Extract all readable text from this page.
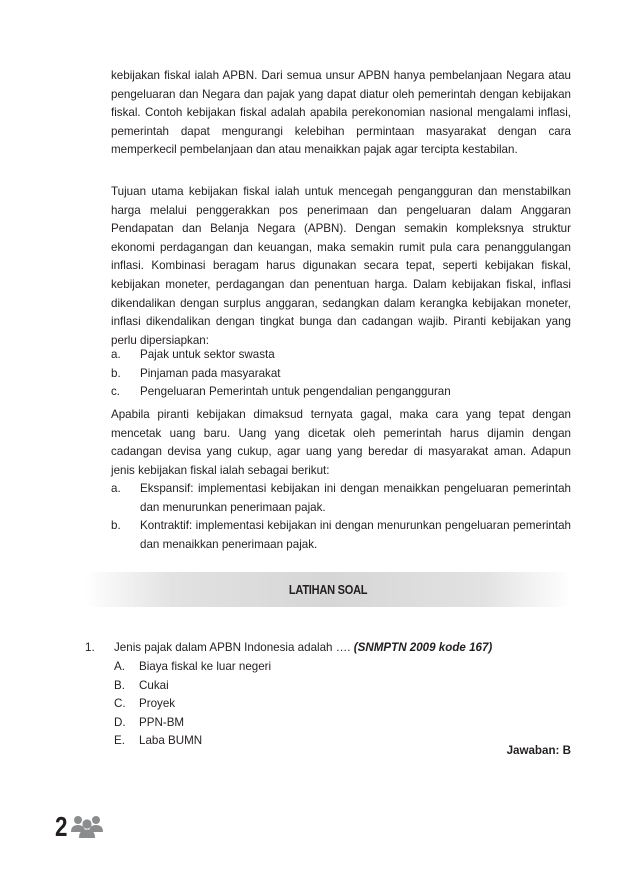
kebijakan fiskal ialah APBN. Dari semua unsur APBN hanya pembelanjaan Negara atau pengeluaran dan Negara dan pajak yang dapat diatur oleh pemerintah dengan kebijakan fiskal. Contoh kebijakan fiskal adalah apabila perekonomian nasional mengalami inflasi, pemerintah dapat mengurangi kelebihan permintaan masyarakat dengan cara memperkecil pembelanjaan dan atau menaikkan pajak agar tercipta kestabilan.

Tujuan utama kebijakan fiskal ialah untuk mencegah pengangguran dan menstabilkan harga melalui penggerakkan pos penerimaan dan pengeluaran dalam Anggaran Pendapatan dan Belanja Negara (APBN). Dengan semakin kompleksnya struktur ekonomi perdagangan dan keuangan, maka semakin rumit pula cara penanggulangan inflasi. Kombinasi beragam harus digunakan secara tepat, seperti kebijakan fiskal, kebijakan moneter, perdagangan dan penentuan harga. Dalam kebijakan fiskal, inflasi dikendalikan dengan surplus anggaran, sedangkan dalam kerangka kebijakan moneter, inflasi dikendalikan dengan tingkat bunga dan cadangan wajib. Piranti kebijakan yang perlu dipersiapkan:

a.	Pajak untuk sektor swasta
b.	Pinjaman pada masyarakat
c.	Pengeluaran Pemerintah untuk pengendalian pengangguran

Apabila piranti kebijakan dimaksud ternyata gagal, maka cara yang tepat dengan mencetak uang baru. Uang yang dicetak oleh pemerintah harus dijamin dengan cadangan devisa yang cukup, agar uang yang beredar di masyarakat aman. Adapun jenis kebijakan fiskal ialah sebagai berikut:

a.	Ekspansif: implementasi kebijakan ini dengan menaikkan pengeluaran pemerintah dan menurunkan penerimaan pajak.
b.	Kontraktif: implementasi kebijakan ini dengan menurunkan pengeluaran pemerintah dan menaikkan penerimaan pajak.
LATIHAN SOAL
1. Jenis pajak dalam APBN Indonesia adalah …. (SNMPTN 2009 kode 167)
A.	Biaya fiskal ke luar negeri
B.	Cukai
C.	Proyek
D.	PPN-BM
E.	Laba BUMN
Jawaban: B
2
